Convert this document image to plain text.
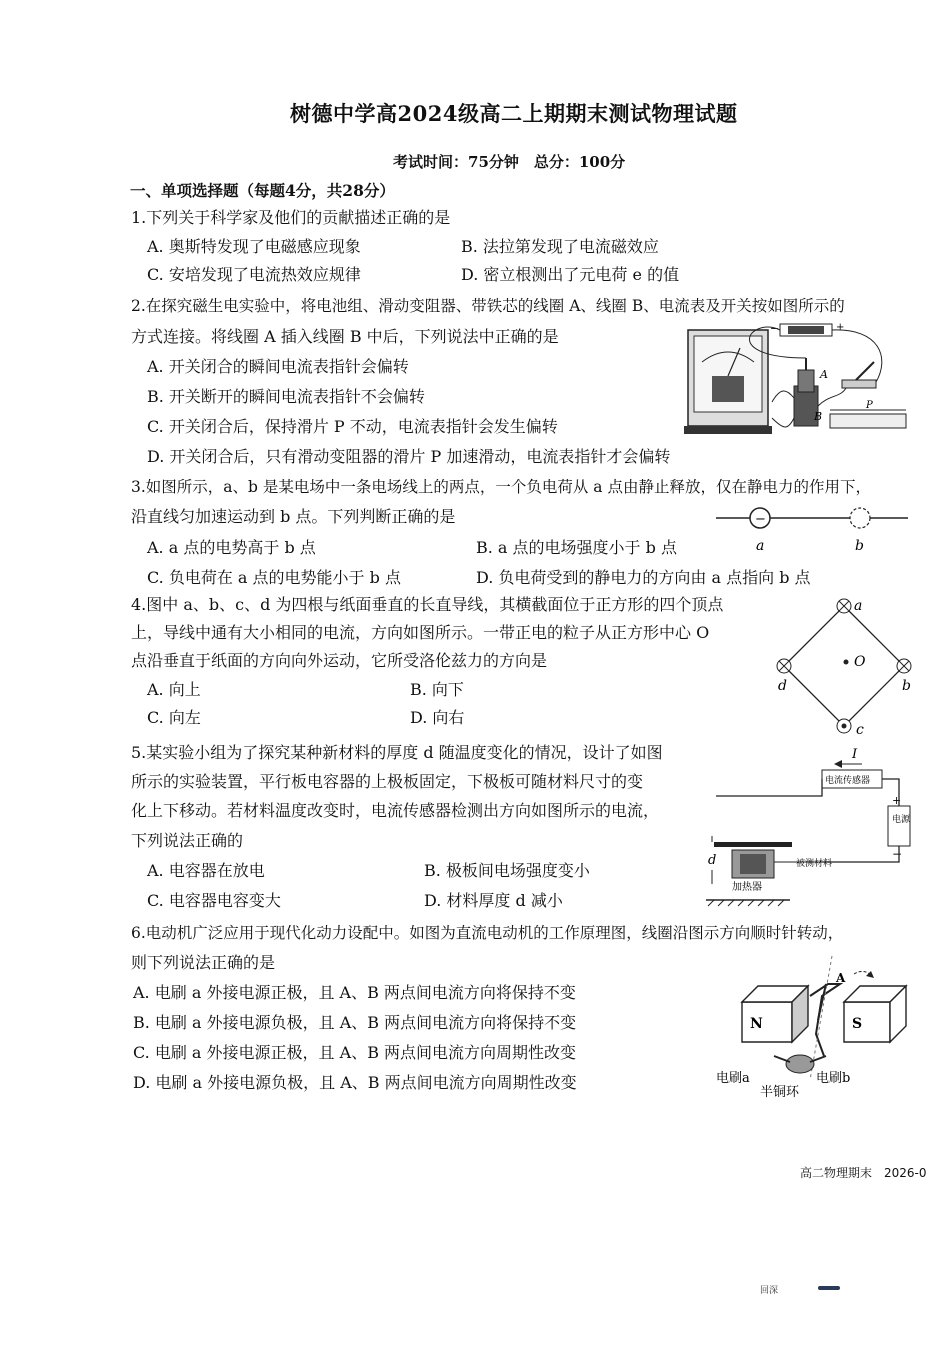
树德中学高2024级高二上期期末测试物理试题
考试时间：75分钟　总分：100分
一、单项选择题（每题4分，共28分）
1.下列关于科学家及他们的贡献描述正确的是
A. 奥斯特发现了电磁感应现象	B. 法拉第发现了电流磁效应
C. 安培发现了电流热效应规律	D. 密立根测出了元电荷 e 的值
2.在探究磁生电实验中，将电池组、滑动变阻器、带铁芯的线圈 A、线圈 B、电流表及开关按如图所示的
方式连接。将线圈 A 插入线圈 B 中后，下列说法中正确的是
A. 开关闭合的瞬间电流表指针会偏转
B. 开关断开的瞬间电流表指针不会偏转
C. 开关闭合后，保持滑片 P 不动，电流表指针会发生偏转
D. 开关闭合后，只有滑动变阻器的滑片 P 加速滑动，电流表指针才会偏转
A
B
−	+
P
3.如图所示，a、b 是某电场中一条电场线上的两点，一个负电荷从 a 点由静止释放，仅在静电力的作用下，
沿直线匀加速运动到 b 点。下列判断正确的是
A. a 点的电势高于 b 点	B. a 点的电场强度小于 b 点
C. 负电荷在 a 点的电势能小于 b 点	D. 负电荷受到的静电力的方向由 a 点指向 b 点
−
a	b
4.图中 a、b、c、d 为四根与纸面垂直的长直导线，其横截面位于正方形的四个顶点
上，导线中通有大小相同的电流，方向如图所示。一带正电的粒子从正方形中心 O
点沿垂直于纸面的方向向外运动，它所受洛伦兹力的方向是
A. 向上	B. 向下
C. 向左	D. 向右
a
b
c
d
O
5.某实验小组为了探究某种新材料的厚度 d 随温度变化的情况，设计了如图
所示的实验装置，平行板电容器的上极板固定，下极板可随材料尺寸的变
化上下移动。若材料温度改变时，电流传感器检测出方向如图所示的电流，
下列说法正确的
A. 电容器在放电	B. 极板间电场强度变小
C. 电容器电容变大	D. 材料厚度 d 减小
I
电流传感器
电源
+
−
被测材料
d
加热器
6.电动机广泛应用于现代化动力设配中。如图为直流电动机的工作原理图，线圈沿图示方向顺时针转动，
则下列说法正确的是
A. 电刷 a 外接电源正极，且 A、B 两点间电流方向将保持不变
B. 电刷 a 外接电源负极，且 A、B 两点间电流方向将保持不变
C. 电刷 a 外接电源正极，且 A、B 两点间电流方向周期性改变
D. 电刷 a 外接电源负极，且 A、B 两点间电流方向周期性改变
N	S
A
电刷a	电刷b
半铜环
高二物理期末　2026-0
回深
